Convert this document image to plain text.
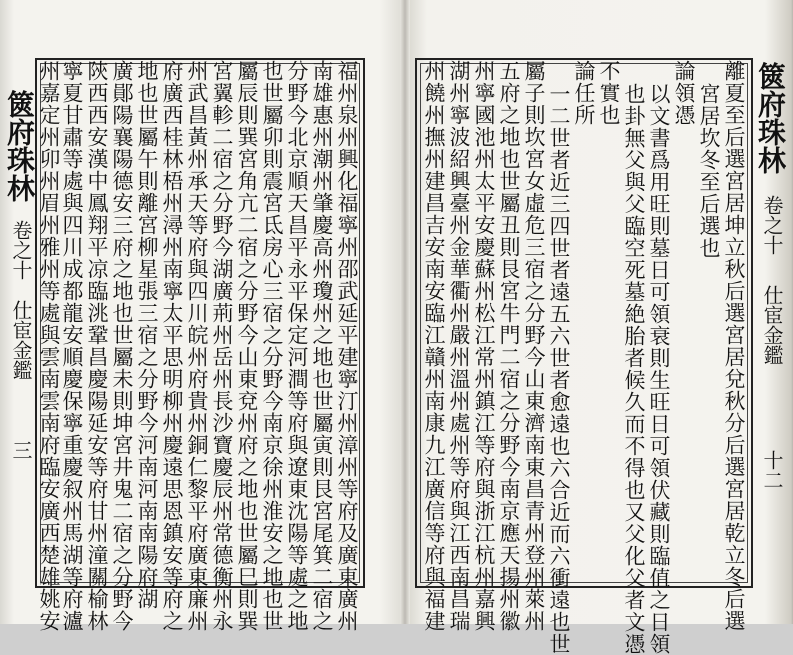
篋府珠林
卷之十
仕宦金鑑
三
篋府珠林
卷之十
仕宦金鑑
十二
福州泉州興化福寧州邵武延平建寧汀州漳州等府及廣東廣州
南雄惠州潮州肇慶高州瓊州之地也世屬寅則艮宮尾箕二宿之
分野今北京順天昌平永平保定河澗等府與遼東沈陽等處之地
也世屬卯則震宮氐房心三宿之分野今南京徐州淮安之地也世
屬辰則巽宮角亢二宿之分野今山東兗州府之地也世屬巳則巽
宮翼軫二宿之分野今湖廣荊州岳州長沙寶慶辰州常德衡州永
州武昌黃州承天等府與四川皖州府貴州銅仁黎平府廣東廉州
府廣西桂林梧州潯州南寧太平思明柳州慶遠思恩鎮安等府之
地也世屬午則離宮柳星張三宿之分野今河南河南南陽府湖
廣鄖陽襄陽德安三府之地也世屬未則坤宮井鬼二宿之分野今
陝西西安漢中鳳翔平凉臨洮鞏昌慶陽延安等府甘州潼關榆林
寧夏甘肅等處與四川成都龍安順慶保寧重慶叙州馬湖等府瀘
州嘉定州卯州眉州雅州等處與雲南雲南府臨安廣西楚雄姚安	離夏至后選宮居坤立秋后選宮居兌秋分后選宮居乾立冬后選
宮居坎冬至后選也
論領憑
以文書爲用旺則墓日可領衰則生旺日可領伏藏則臨值之日領
也卦無父與父臨空死墓絶胎者候久而不得也又父化父者文憑
不實也
論任所
一二世者近三四世者遠五六世者愈遠也六合近而六衝遠也世
屬子則坎宮女虛危三宿之分野今山東濟南東昌青州登州萊州
五府之地也世屬丑則艮宮牛門二宿之分野今南京應天揚州徽
州寧國池州太平安慶蘇州松江常州鎮江等府與浙江杭州嘉興
湖州寧波紹興臺州金華衢州嚴州溫州處州等府與江西南昌瑞
州饒州撫州建昌吉安南安臨江贛州南康九江廣信等府與福建
